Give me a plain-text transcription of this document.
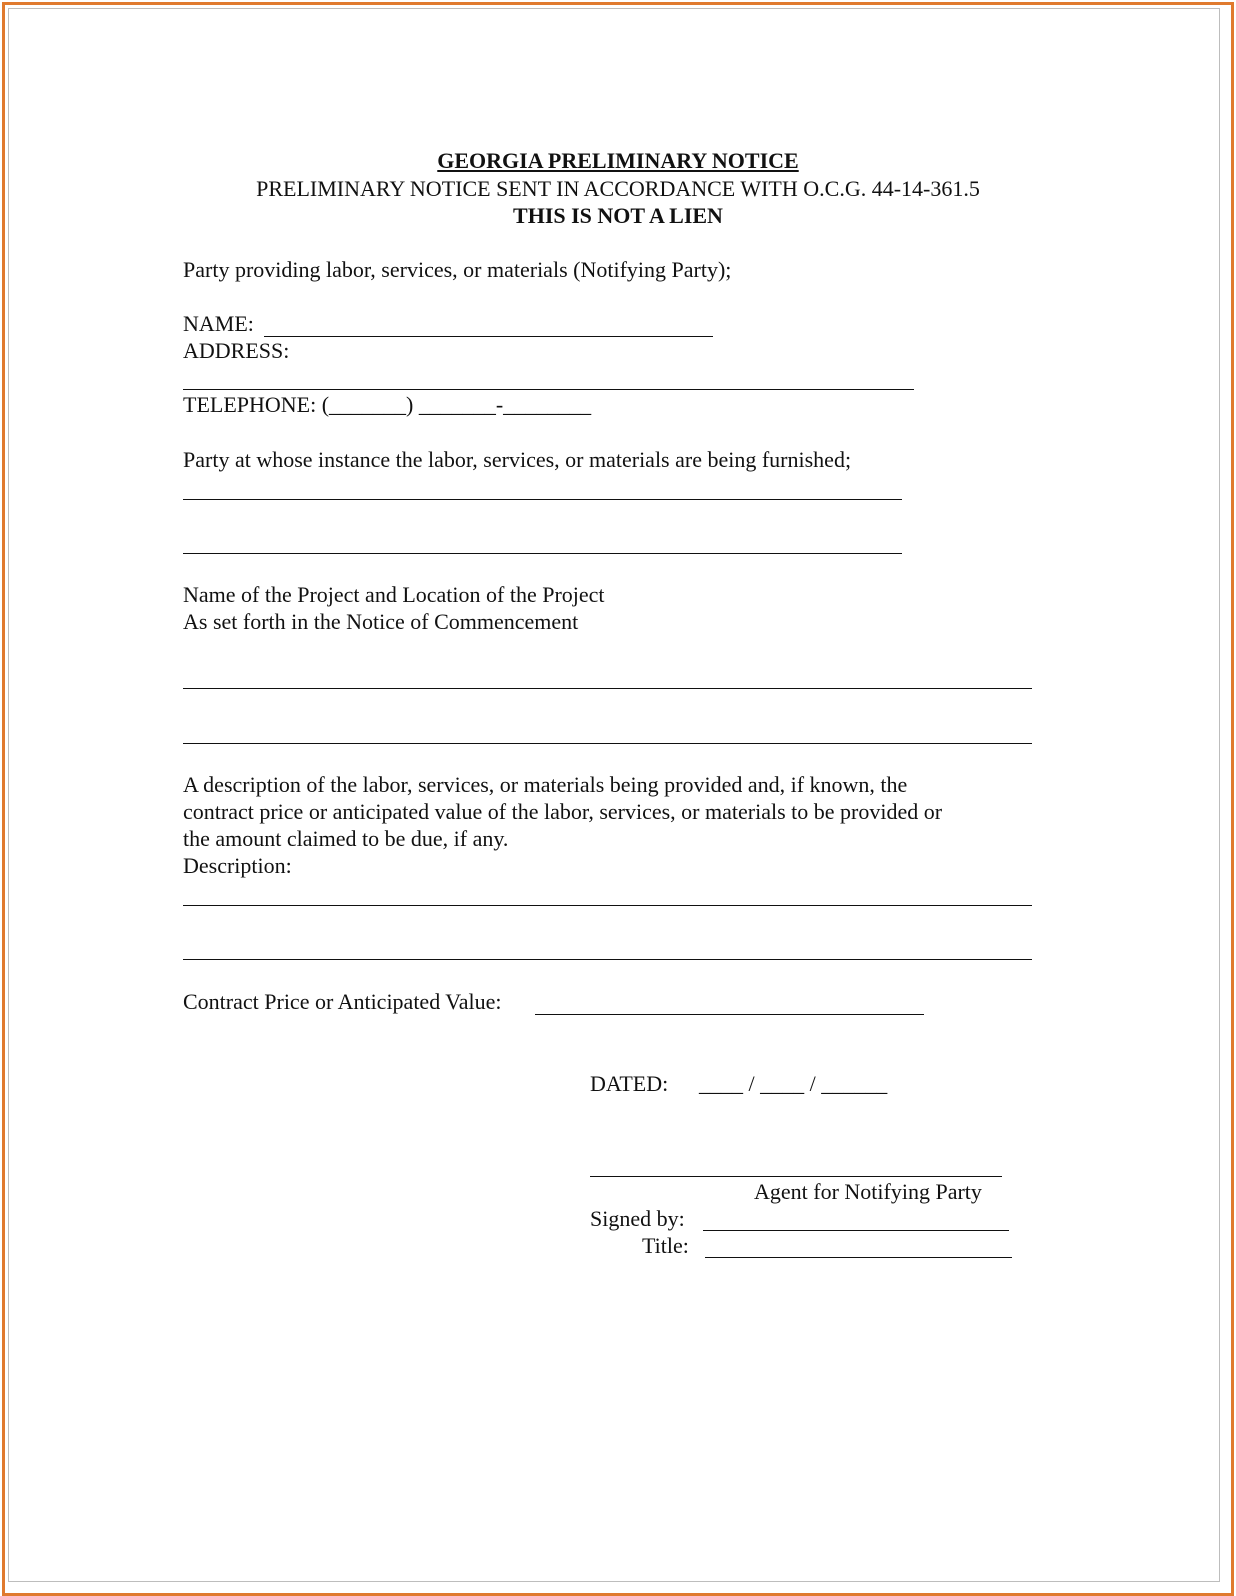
GEORGIA PRELIMINARY NOTICE
PRELIMINARY NOTICE SENT IN ACCORDANCE WITH O.C.G. 44-14-361.5
THIS IS NOT A LIEN
Party providing labor, services, or materials (Notifying Party);
NAME:
ADDRESS:
TELEPHONE: (_______) _______-________
Party at whose instance the labor, services, or materials are being furnished;
Name of the Project and Location of the Project
As set forth in the Notice of Commencement
A description of the labor, services, or materials being provided and, if known, the
contract price or anticipated value of the labor, services, or materials to be provided or
the amount claimed to be due, if any.
Description:
Contract Price or Anticipated Value:
DATED: ____ / ____ / ______
Agent for Notifying Party
Signed by:
Title:
